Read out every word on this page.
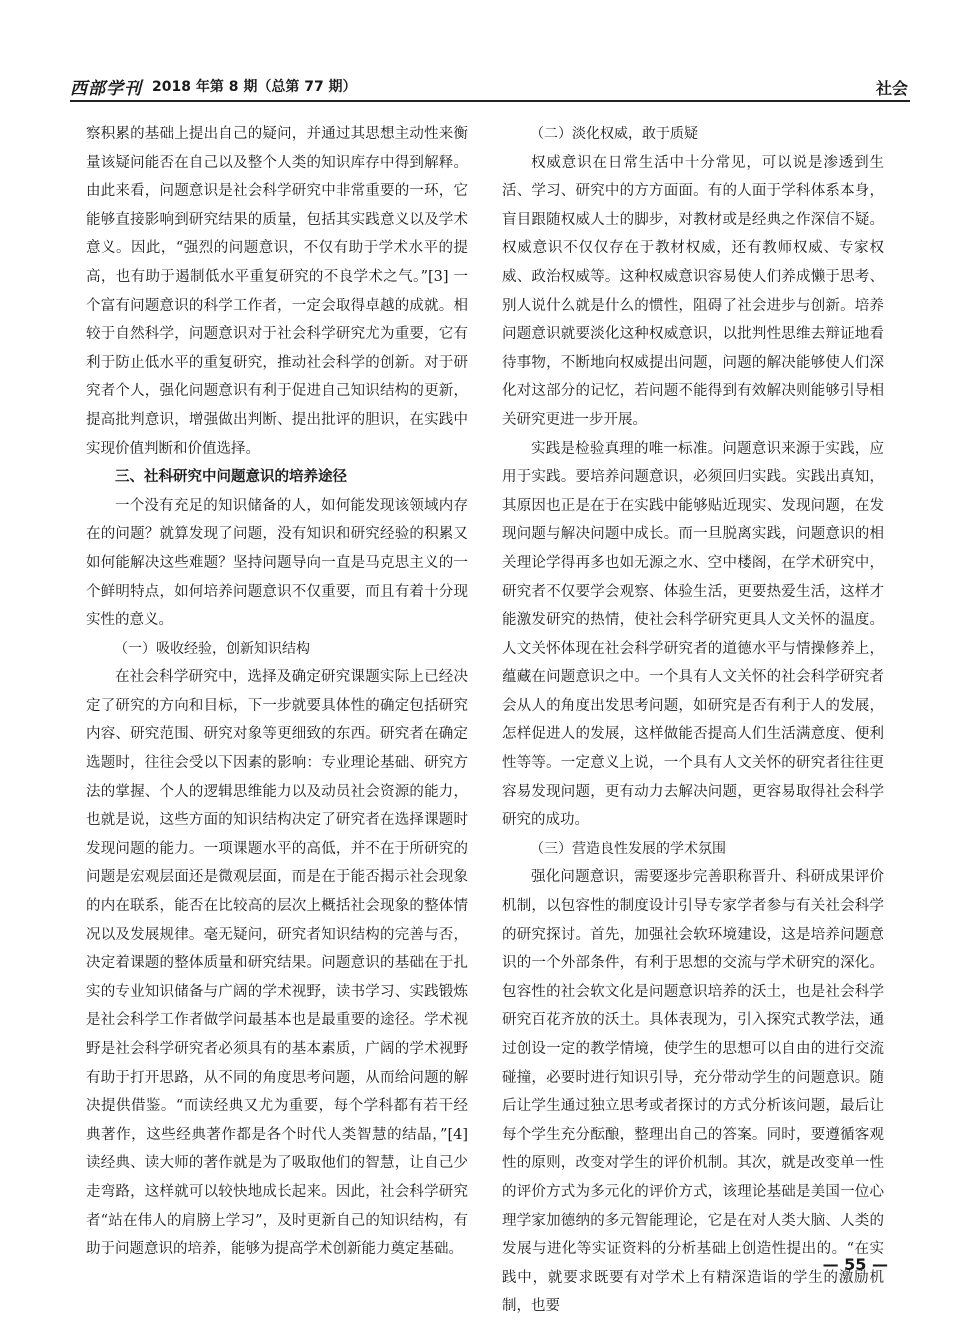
西部学刊 2018 年第 8 期（总第 77 期）	社会

察积累的基础上提出自己的疑问，并通过其思想主动性来衡量该疑问能否在自己以及整个人类的知识库存中得到解释。由此来看，问题意识是社会科学研究中非常重要的一环，它能够直接影响到研究结果的质量，包括其实践意义以及学术意义。因此，“强烈的问题意识，不仅有助于学术水平的提高，也有助于遏制低水平重复研究的不良学术之气。”[3] 一个富有问题意识的科学工作者，一定会取得卓越的成就。相较于自然科学，问题意识对于社会科学研究尤为重要，它有利于防止低水平的重复研究，推动社会科学的创新。对于研究者个人，强化问题意识有利于促进自己知识结构的更新，提高批判意识，增强做出判断、提出批评的胆识，在实践中实现价值判断和价值选择。

三、社科研究中问题意识的培养途径

一个没有充足的知识储备的人，如何能发现该领域内存在的问题？就算发现了问题，没有知识和研究经验的积累又如何能解决这些难题？坚持问题导向一直是马克思主义的一个鲜明特点，如何培养问题意识不仅重要，而且有着十分现实性的意义。

（一）吸收经验，创新知识结构

在社会科学研究中，选择及确定研究课题实际上已经决定了研究的方向和目标，下一步就要具体性的确定包括研究内容、研究范围、研究对象等更细致的东西。研究者在确定选题时，往往会受以下因素的影响：专业理论基础、研究方法的掌握、个人的逻辑思维能力以及动员社会资源的能力，也就是说，这些方面的知识结构决定了研究者在选择课题时发现问题的能力。一项课题水平的高低，并不在于所研究的问题是宏观层面还是微观层面，而是在于能否揭示社会现象的内在联系，能否在比较高的层次上概括社会现象的整体情况以及发展规律。毫无疑问，研究者知识结构的完善与否，决定着课题的整体质量和研究结果。问题意识的基础在于扎实的专业知识储备与广阔的学术视野，读书学习、实践锻炼是社会科学工作者做学问最基本也是最重要的途径。学术视野是社会科学研究者必须具有的基本素质，广阔的学术视野有助于打开思路，从不同的角度思考问题，从而给问题的解决提供借鉴。“而读经典又尤为重要，每个学科都有若干经典著作，这些经典著作都是各个时代人类智慧的结晶，”[4] 读经典、读大师的著作就是为了吸取他们的智慧，让自己少走弯路，这样就可以较快地成长起来。因此，社会科学研究者“站在伟人的肩膀上学习”，及时更新自己的知识结构，有助于问题意识的培养，能够为提高学术创新能力奠定基础。

（二）淡化权威，敢于质疑

权威意识在日常生活中十分常见，可以说是渗透到生活、学习、研究中的方方面面。有的人面于学科体系本身，盲目跟随权威人士的脚步，对教材或是经典之作深信不疑。权威意识不仅仅存在于教材权威，还有教师权威、专家权威、政治权威等。这种权威意识容易使人们养成懒于思考、别人说什么就是什么的惯性，阻碍了社会进步与创新。培养问题意识就要淡化这种权威意识，以批判性思维去辩证地看待事物，不断地向权威提出问题，问题的解决能够使人们深化对这部分的记忆，若问题不能得到有效解决则能够引导相关研究更进一步开展。

实践是检验真理的唯一标准。问题意识来源于实践，应用于实践。要培养问题意识，必须回归实践。实践出真知，其原因也正是在于在实践中能够贴近现实、发现问题，在发现问题与解决问题中成长。而一旦脱离实践，问题意识的相关理论学得再多也如无源之水、空中楼阁，在学术研究中，研究者不仅要学会观察、体验生活，更要热爱生活，这样才能激发研究的热情，使社会科学研究更具人文关怀的温度。人文关怀体现在社会科学研究者的道德水平与情操修养上，蕴藏在问题意识之中。一个具有人文关怀的社会科学研究者会从人的角度出发思考问题，如研究是否有利于人的发展，怎样促进人的发展，这样做能否提高人们生活满意度、便利性等等。一定意义上说，一个具有人文关怀的研究者往往更容易发现问题，更有动力去解决问题，更容易取得社会科学研究的成功。

（三）营造良性发展的学术氛围

强化问题意识，需要逐步完善职称晋升、科研成果评价机制，以包容性的制度设计引导专家学者参与有关社会科学的研究探讨。首先，加强社会软环境建设，这是培养问题意识的一个外部条件，有利于思想的交流与学术研究的深化。包容性的社会软文化是问题意识培养的沃土，也是社会科学研究百花齐放的沃土。具体表现为，引入探究式教学法，通过创设一定的教学情境，使学生的思想可以自由的进行交流碰撞，必要时进行知识引导，充分带动学生的问题意识。随后让学生通过独立思考或者探讨的方式分析该问题，最后让每个学生充分酝酿，整理出自己的答案。同时，要遵循客观性的原则，改变对学生的评价机制。其次，就是改变单一性的评价方式为多元化的评价方式，该理论基础是美国一位心理学家加德纳的多元智能理论，它是在对人类大脑、人类的发展与进化等实证资料的分析基础上创造性提出的。“在实践中，就要求既要有对学术上有精深造诣的学生的激励机制，也要

— 55 —
